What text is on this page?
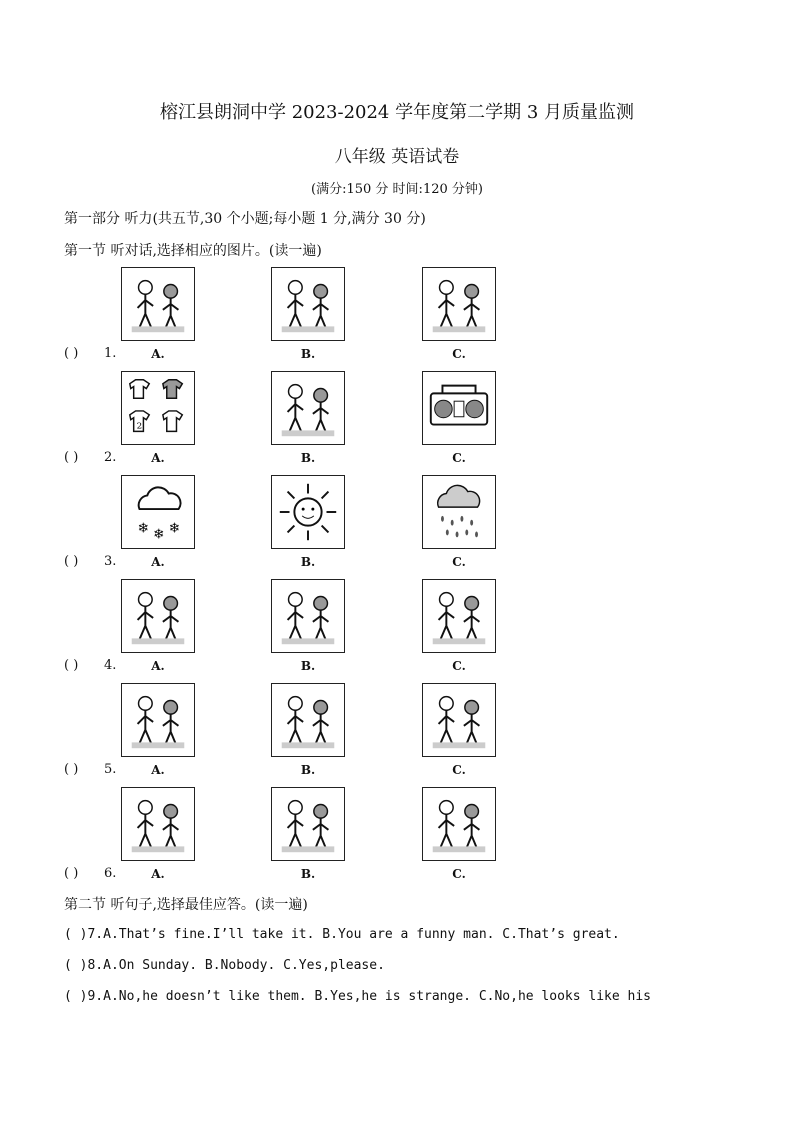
榕江县朗洞中学 2023-2024 学年度第二学期 3 月质量监测
八年级 英语试卷
(满分:150 分 时间:120 分钟)
第一部分 听力(共五节,30 个小题;每小题 1 分,满分 30 分)
第一节 听对话,选择相应的图片。(读一遍)
A.	B.	C.
( ) 1.
2
A.	B.	C.
( ) 2.
❄ ❄ ❄
A.	B.	C.
( ) 3.
A.	B.	C.
( ) 4.
A.	B.	C.
( ) 5.
A.	B.	C.
( ) 6.
第二节 听句子,选择最佳应答。(读一遍)
( )7.A.That’s fine.I’ll take it. B.You are a funny man. C.That’s great.
( )8.A.On Sunday. B.Nobody. C.Yes,please.
( )9.A.No,he doesn’t like them. B.Yes,he is strange. C.No,he looks like his
